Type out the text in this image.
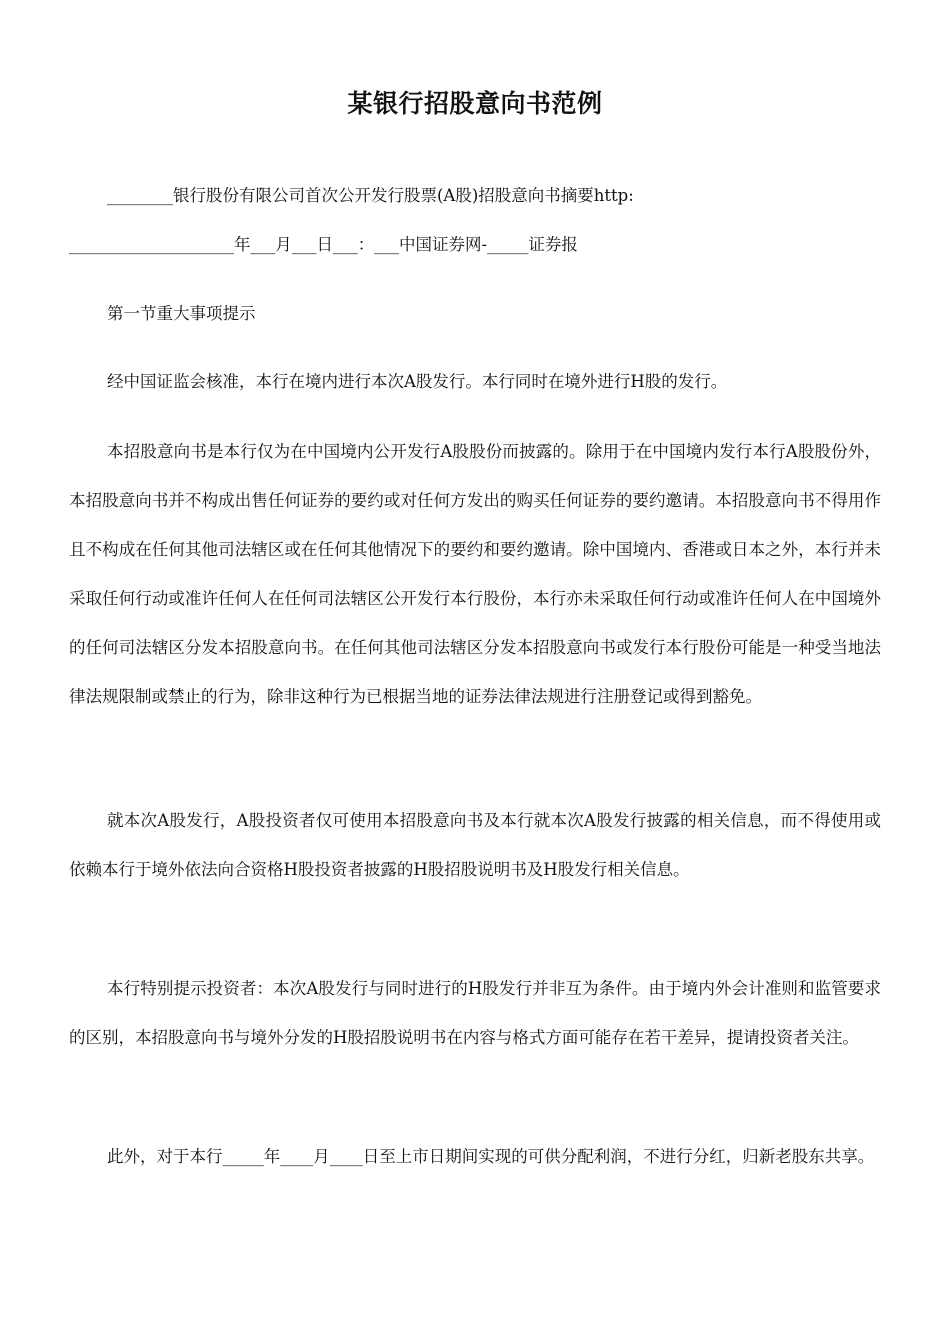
某银行招股意向书范例
________银行股份有限公司首次公开发行股票(A股)招股意向书摘要http:
____________________年___月___日___：___中国证券网-_____证券报
第一节重大事项提示
经中国证监会核准，本行在境内进行本次A股发行。本行同时在境外进行H股的发行。
本招股意向书是本行仅为在中国境内公开发行A股股份而披露的。除用于在中国境内发行本行A股股份外，本招股意向书并不构成出售任何证券的要约或对任何方发出的购买任何证券的要约邀请。本招股意向书不得用作且不构成在任何其他司法辖区或在任何其他情况下的要约和要约邀请。除中国境内、香港或日本之外，本行并未采取任何行动或准许任何人在任何司法辖区公开发行本行股份，本行亦未采取任何行动或准许任何人在中国境外的任何司法辖区分发本招股意向书。在任何其他司法辖区分发本招股意向书或发行本行股份可能是一种受当地法律法规限制或禁止的行为，除非这种行为已根据当地的证券法律法规进行注册登记或得到豁免。
就本次A股发行，A股投资者仅可使用本招股意向书及本行就本次A股发行披露的相关信息，而不得使用或依赖本行于境外依法向合资格H股投资者披露的H股招股说明书及H股发行相关信息。
本行特别提示投资者：本次A股发行与同时进行的H股发行并非互为条件。由于境内外会计准则和监管要求的区别，本招股意向书与境外分发的H股招股说明书在内容与格式方面可能存在若干差异，提请投资者关注。
此外，对于本行_____年____月____日至上市日期间实现的可供分配利润，不进行分红，归新老股东共享。
